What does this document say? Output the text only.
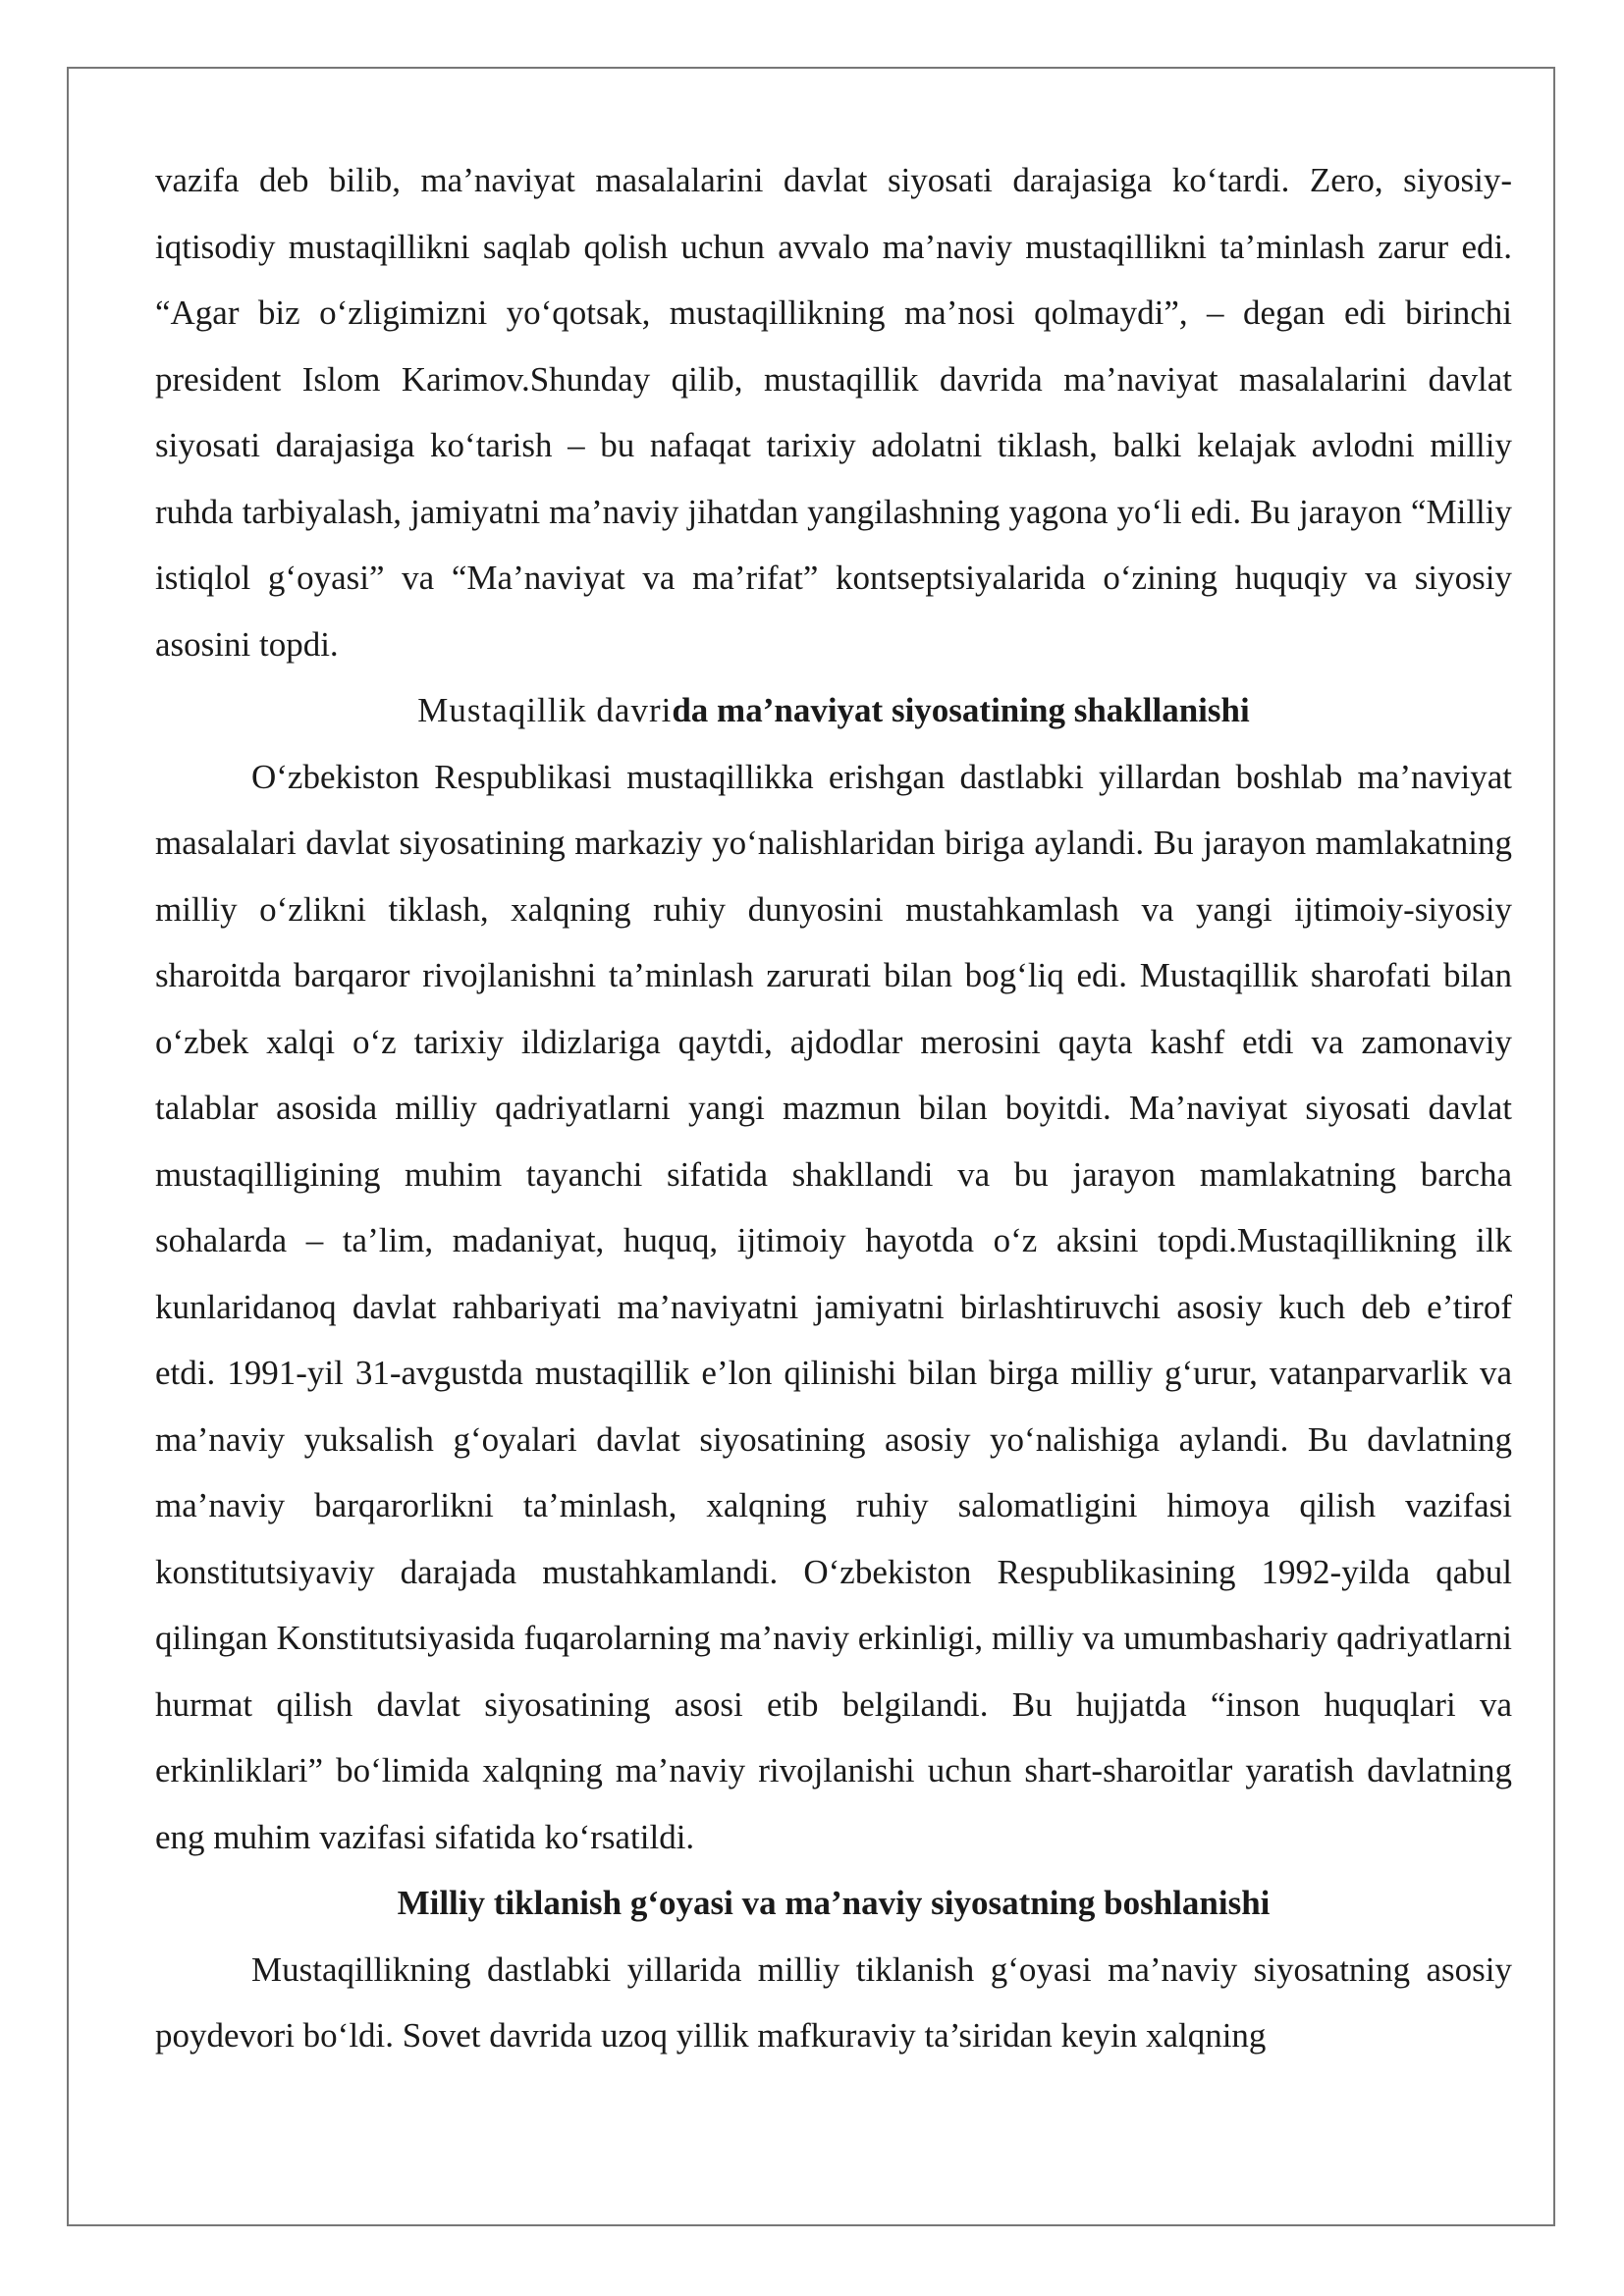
vazifa deb bilib, ma’naviyat masalalarini davlat siyosati darajasiga ko‘tardi. Zero, siyosiy-iqtisodiy mustaqillikni saqlab qolish uchun avvalo ma’naviy mustaqillikni ta’minlash zarur edi. “Agar biz o‘zligimizni yo‘qotsak, mustaqillikning ma’nosi qolmaydi”, – degan edi birinchi president Islom Karimov.Shunday qilib, mustaqillik davrida ma’naviyat masalalarini davlat siyosati darajasiga ko‘tarish – bu nafaqat tarixiy adolatni tiklash, balki kelajak avlodni milliy ruhda tarbiyalash, jamiyatni ma’naviy jihatdan yangilashning yagona yo‘li edi. Bu jarayon “Milliy istiqlol g‘oyasi” va “Ma’naviyat va ma’rifat” kontseptsiyalarida o‘zining huquqiy va siyosiy asosini topdi.

Mustaqillik davrida ma’naviyat siyosatining shakllanishi

O‘zbekiston Respublikasi mustaqillikka erishgan dastlabki yillardan boshlab ma’naviyat masalalari davlat siyosatining markaziy yo‘nalishlaridan biriga aylandi. Bu jarayon mamlakatning milliy o‘zlikni tiklash, xalqning ruhiy dunyosini mustahkamlash va yangi ijtimoiy-siyosiy sharoitda barqaror rivojlanishni ta’minlash zarurati bilan bog‘liq edi. Mustaqillik sharofati bilan o‘zbek xalqi o‘z tarixiy ildizlariga qaytdi, ajdodlar merosini qayta kashf etdi va zamonaviy talablar asosida milliy qadriyatlarni yangi mazmun bilan boyitdi. Ma’naviyat siyosati davlat mustaqilligining muhim tayanchi sifatida shakllandi va bu jarayon mamlakatning barcha sohalarda – ta’lim, madaniyat, huquq, ijtimoiy hayotda o‘z aksini topdi.Mustaqillikning ilk kunlaridanoq davlat rahbariyati ma’naviyatni jamiyatni birlashtiruvchi asosiy kuch deb e’tirof etdi. 1991-yil 31-avgustda mustaqillik e’lon qilinishi bilan birga milliy g‘urur, vatanparvarlik va ma’naviy yuksalish g‘oyalari davlat siyosatining asosiy yo‘nalishiga aylandi. Bu davlatning ma’naviy barqarorlikni ta’minlash, xalqning ruhiy salomatligini himoya qilish vazifasi konstitutsiyaviy darajada mustahkamlandi. O‘zbekiston Respublikasining 1992-yilda qabul qilingan Konstitutsiyasida fuqarolarning ma’naviy erkinligi, milliy va umumbashariy qadriyatlarni hurmat qilish davlat siyosatining asosi etib belgilandi. Bu hujjatda “inson huquqlari va erkinliklari” bo‘limida xalqning ma’naviy rivojlanishi uchun shart-sharoitlar yaratish davlatning eng muhim vazifasi sifatida ko‘rsatildi.

Milliy tiklanish g‘oyasi va ma’naviy siyosatning boshlanishi

Mustaqillikning dastlabki yillarida milliy tiklanish g‘oyasi ma’naviy siyosatning asosiy poydevori bo‘ldi. Sovet davrida uzoq yillik mafkuraviy ta’siridan keyin xalqning
